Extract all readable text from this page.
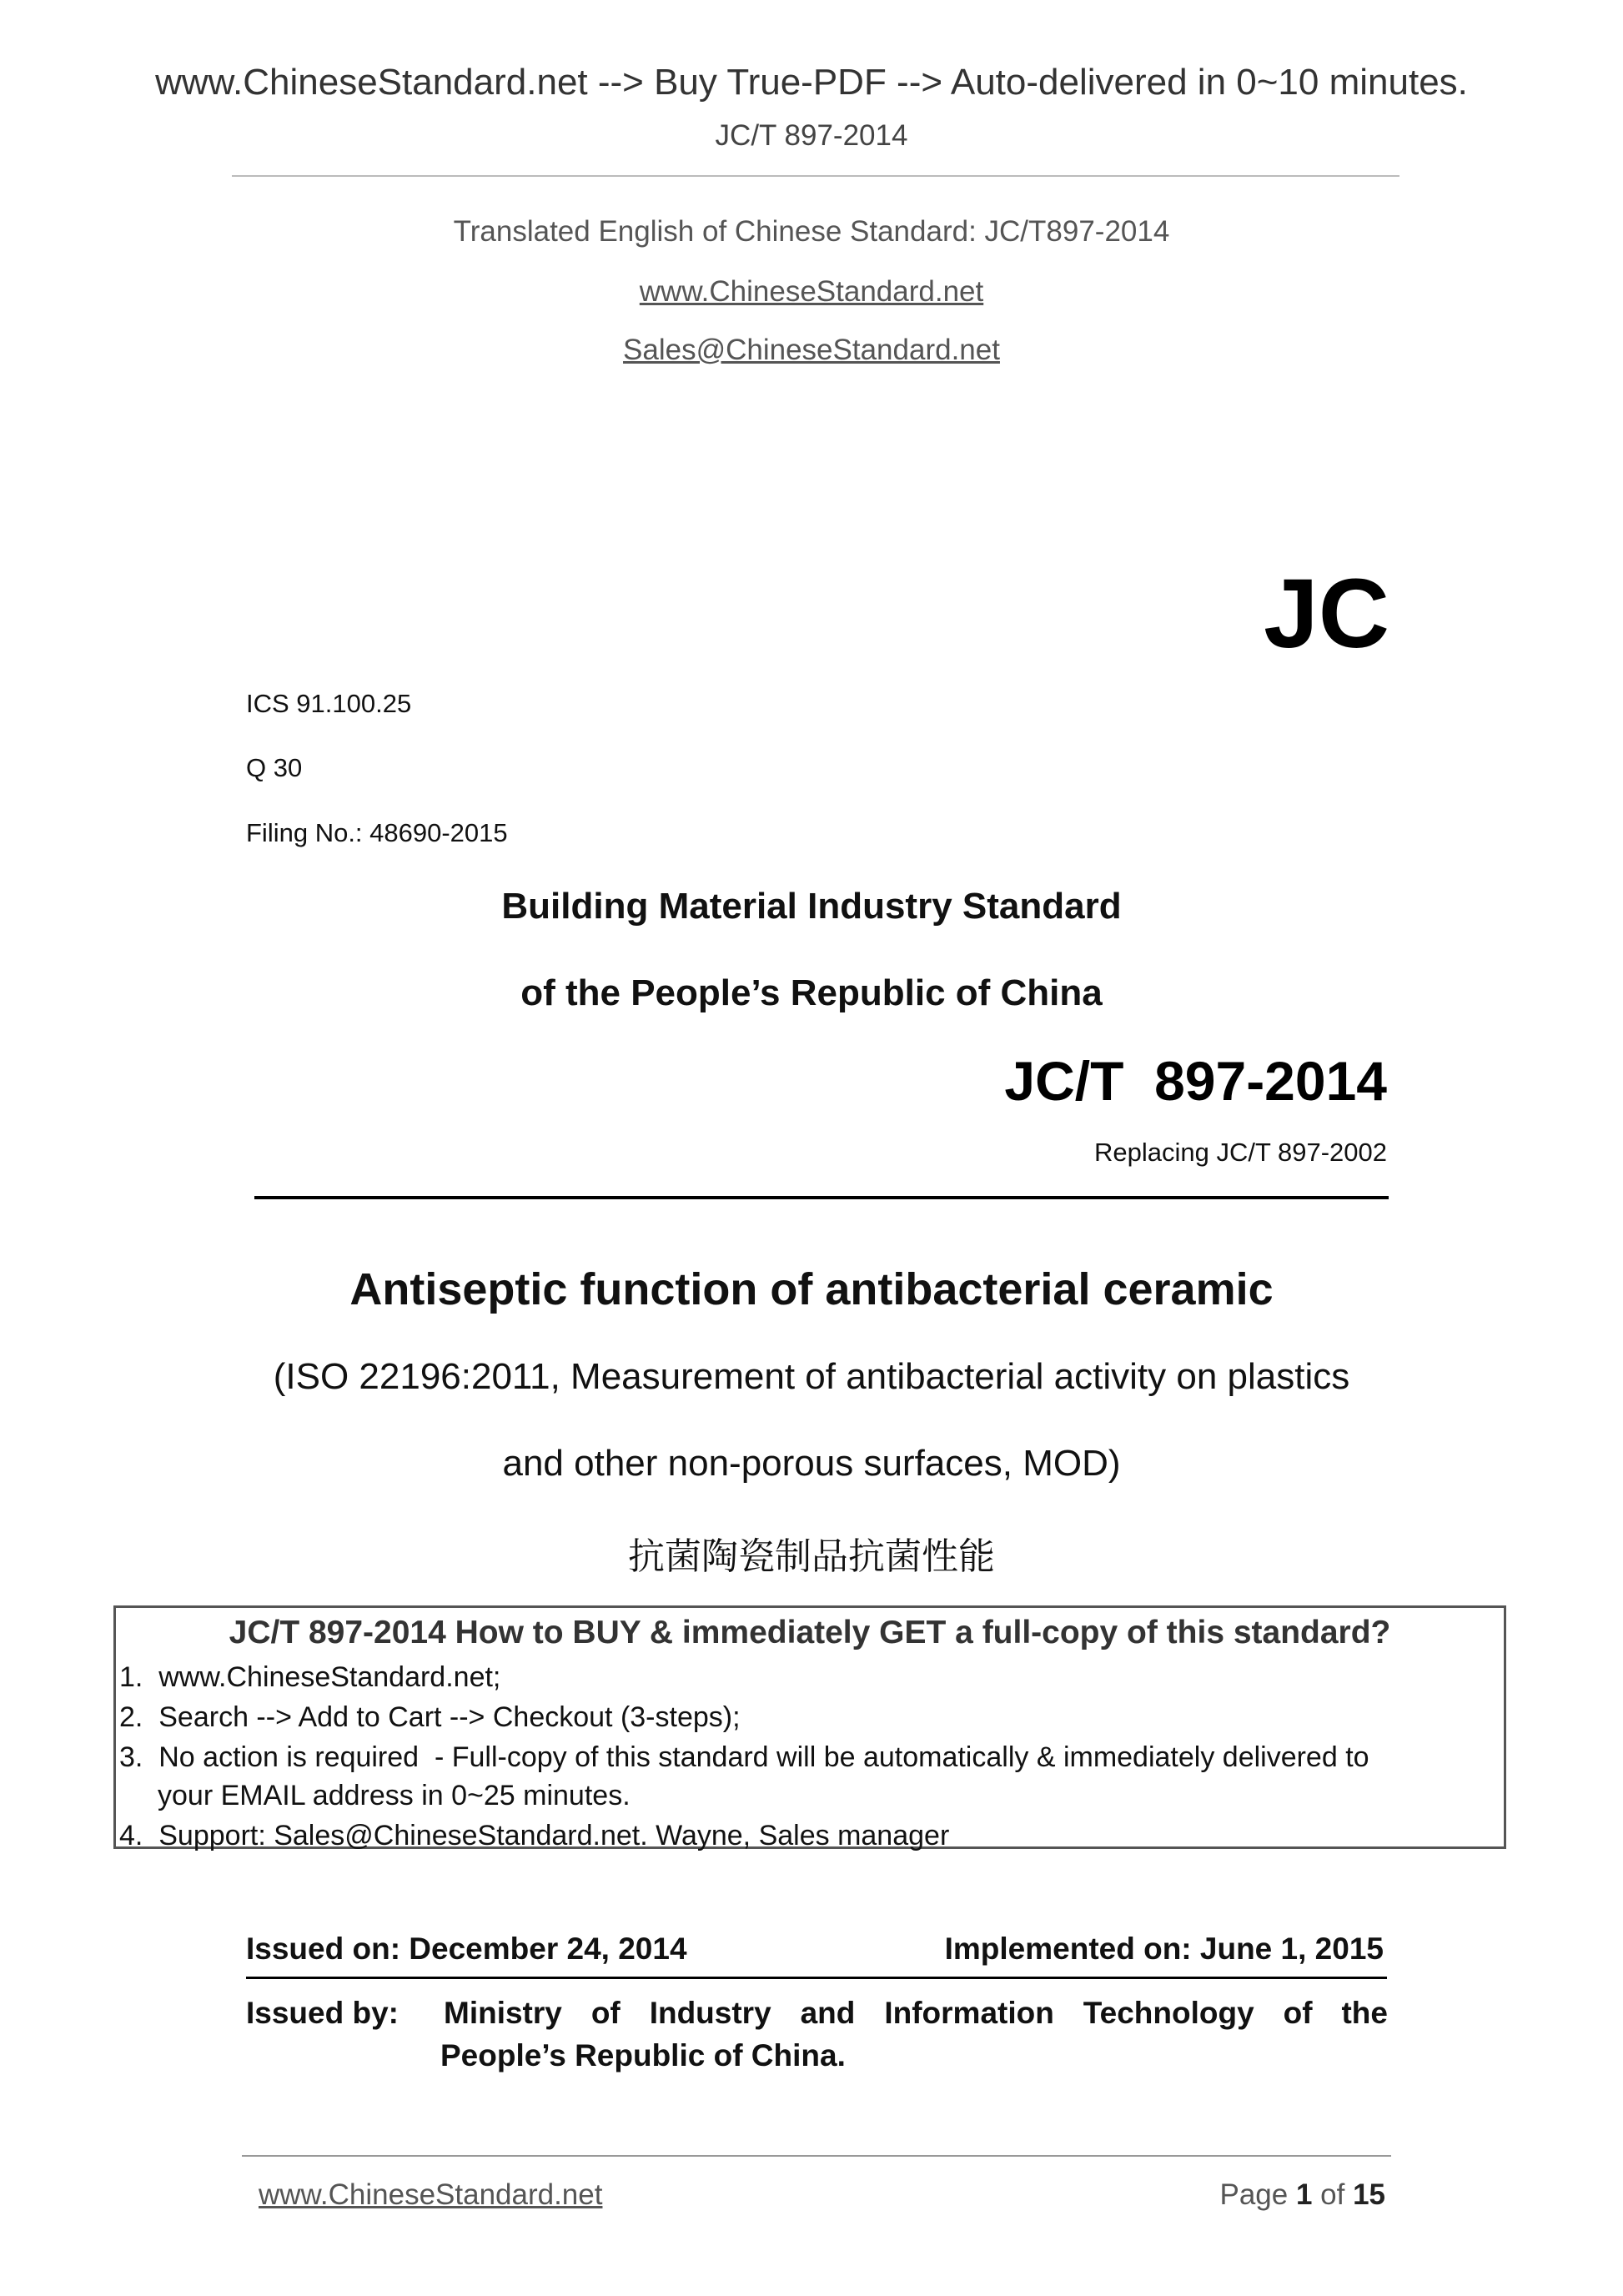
www.ChineseStandard.net --> Buy True-PDF --> Auto-delivered in 0~10 minutes.
JC/T 897-2014
Translated English of Chinese Standard: JC/T897-2014
www.ChineseStandard.net
Sales@ChineseStandard.net
JC
ICS 91.100.25
Q 30
Filing No.: 48690-2015
Building Material Industry Standard
of the People’s Republic of China
JC/T  897-2014
Replacing JC/T 897-2002
Antiseptic function of antibacterial ceramic
(ISO 22196:2011, Measurement of antibacterial activity on plastics
and other non-porous surfaces, MOD)
抗菌陶瓷制品抗菌性能
JC/T 897-2014 How to BUY & immediately GET a full-copy of this standard?
1.  www.ChineseStandard.net;
2.  Search --> Add to Cart --> Checkout (3-steps);
3.  No action is required  - Full-copy of this standard will be automatically & immediately delivered to
your EMAIL address in 0~25 minutes.
4.  Support: Sales@ChineseStandard.net. Wayne, Sales manager
Issued on: December 24, 2014	Implemented on: June 1, 2015
Issued by: Ministry of Industry and Information Technology of the
People’s Republic of China.
www.ChineseStandard.net	Page 1 of 15
